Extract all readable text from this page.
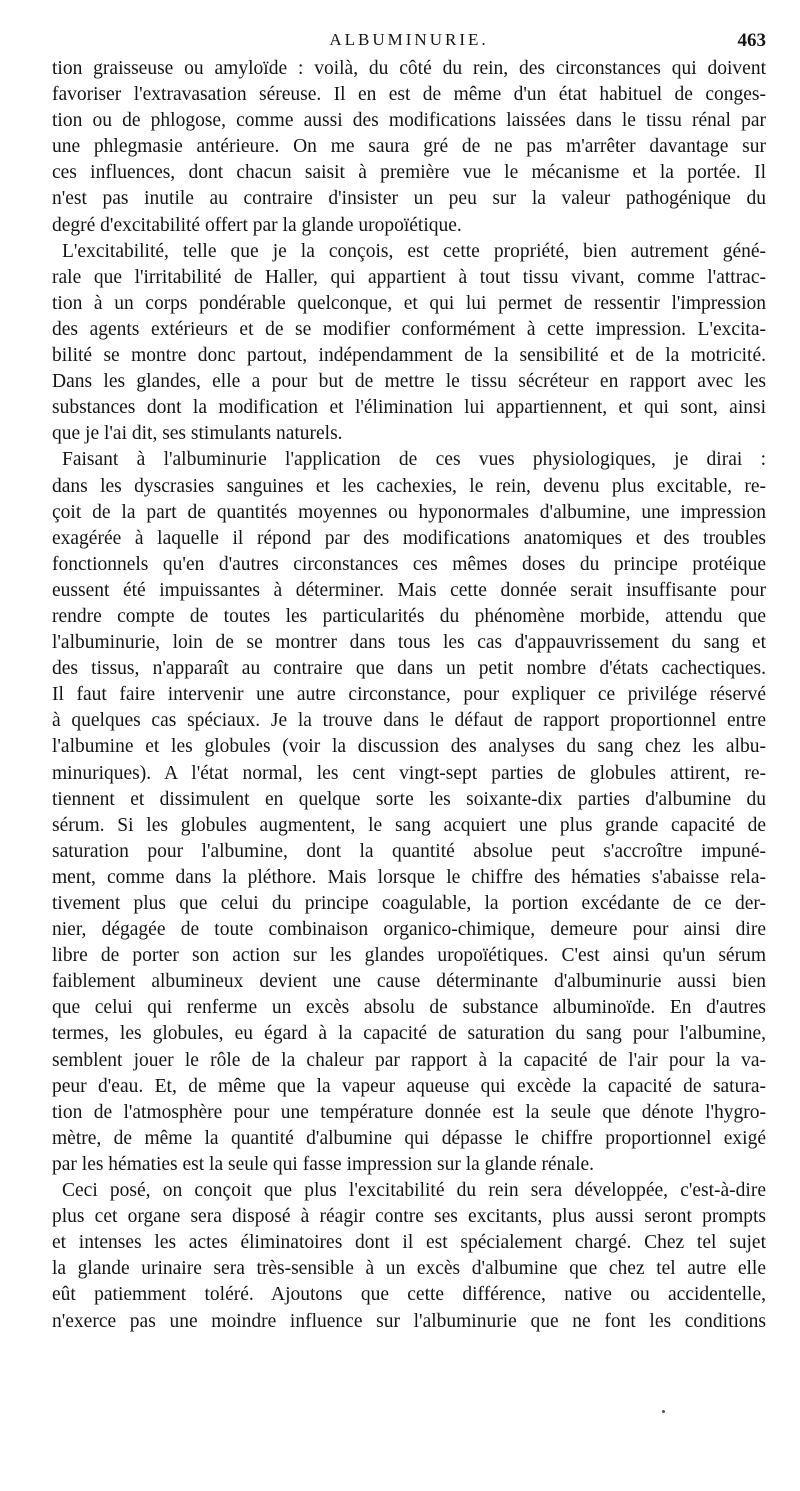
ALBUMINURIE.	463
tion graisseuse ou amyloïde : voilà, du côté du rein, des circonstances qui doivent
favoriser l'extravasation séreuse. Il en est de même d'un état habituel de conges-
tion ou de phlogose, comme aussi des modifications laissées dans le tissu rénal par
une phlegmasie antérieure. On me saura gré de ne pas m'arrêter davantage sur
ces influences, dont chacun saisit à première vue le mécanisme et la portée. Il
n'est pas inutile au contraire d'insister un peu sur la valeur pathogénique du
degré d'excitabilité offert par la glande uropoïétique.
L'excitabilité, telle que je la conçois, est cette propriété, bien autrement géné-
rale que l'irritabilité de Haller, qui appartient à tout tissu vivant, comme l'attrac-
tion à un corps pondérable quelconque, et qui lui permet de ressentir l'impression
des agents extérieurs et de se modifier conformément à cette impression. L'excita-
bilité se montre donc partout, indépendamment de la sensibilité et de la motricité.
Dans les glandes, elle a pour but de mettre le tissu sécréteur en rapport avec les
substances dont la modification et l'élimination lui appartiennent, et qui sont, ainsi
que je l'ai dit, ses stimulants naturels.
Faisant à l'albuminurie l'application de ces vues physiologiques, je dirai :
dans les dyscrasies sanguines et les cachexies, le rein, devenu plus excitable, re-
çoit de la part de quantités moyennes ou hyponormales d'albumine, une impression
exagérée à laquelle il répond par des modifications anatomiques et des troubles
fonctionnels qu'en d'autres circonstances ces mêmes doses du principe protéique
eussent été impuissantes à déterminer. Mais cette donnée serait insuffisante pour
rendre compte de toutes les particularités du phénomène morbide, attendu que
l'albuminurie, loin de se montrer dans tous les cas d'appauvrissement du sang et
des tissus, n'apparaît au contraire que dans un petit nombre d'états cachectiques.
Il faut faire intervenir une autre circonstance, pour expliquer ce privilége réservé
à quelques cas spéciaux. Je la trouve dans le défaut de rapport proportionnel entre
l'albumine et les globules (voir la discussion des analyses du sang chez les albu-
minuriques). A l'état normal, les cent vingt-sept parties de globules attirent, re-
tiennent et dissimulent en quelque sorte les soixante-dix parties d'albumine du
sérum. Si les globules augmentent, le sang acquiert une plus grande capacité de
saturation pour l'albumine, dont la quantité absolue peut s'accroître impuné-
ment, comme dans la pléthore. Mais lorsque le chiffre des hématies s'abaisse rela-
tivement plus que celui du principe coagulable, la portion excédante de ce der-
nier, dégagée de toute combinaison organico-chimique, demeure pour ainsi dire
libre de porter son action sur les glandes uropoïétiques. C'est ainsi qu'un sérum
faiblement albumineux devient une cause déterminante d'albuminurie aussi bien
que celui qui renferme un excès absolu de substance albuminoïde. En d'autres
termes, les globules, eu égard à la capacité de saturation du sang pour l'albumine,
semblent jouer le rôle de la chaleur par rapport à la capacité de l'air pour la va-
peur d'eau. Et, de même que la vapeur aqueuse qui excède la capacité de satura-
tion de l'atmosphère pour une température donnée est la seule que dénote l'hygro-
mètre, de même la quantité d'albumine qui dépasse le chiffre proportionnel exigé
par les hématies est la seule qui fasse impression sur la glande rénale.
Ceci posé, on conçoit que plus l'excitabilité du rein sera développée, c'est-à-dire
plus cet organe sera disposé à réagir contre ses excitants, plus aussi seront prompts
et intenses les actes éliminatoires dont il est spécialement chargé. Chez tel sujet
la glande urinaire sera très-sensible à un excès d'albumine que chez tel autre elle
eût patiemment toléré. Ajoutons que cette différence, native ou accidentelle,
n'exerce pas une moindre influence sur l'albuminurie que ne font les conditions
